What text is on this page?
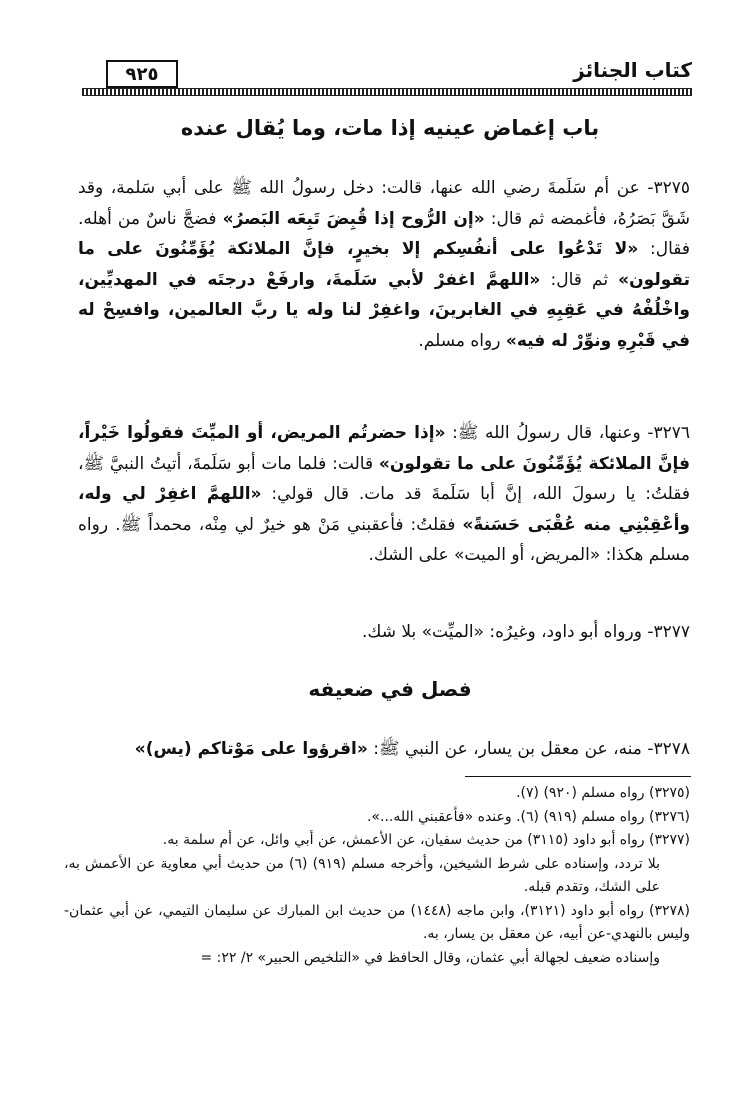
كتاب الجنائز
٩٢٥
باب إغماض عينيه إذا مات، وما يُقال عنده
٣٢٧٥- عن أم سَلَمةَ رضي الله عنها، قالت: دخل رسولُ الله ﷺ على أبي سَلمة، وقد شَقَّ بَصَرُهُ، فأغمضه ثم قال: «إن الرُّوح إذا قُبِضَ تَبِعَه البَصرُ» فضجَّ ناسٌ من أهله. فقال: «لا تَدْعُوا على أنفُسِكم إلا بخيرٍ، فإنَّ الملائكة يُؤَمِّنُونَ على ما تقولون» ثم قال: «اللهمَّ اغفرْ لأبي سَلَمةَ، وارفَعْ درجتَه في المهديِّين، واخْلُفْهُ في عَقِبِهِ في الغابرينَ، واغفِرْ لنا وله يا ربَّ العالمين، وافسِحْ له في قَبْرِهِ ونوِّرْ له فيه» رواه مسلم.
٣٢٧٦- وعنها، قال رسولُ الله ﷺ: «إذا حضرتُم المريض، أو الميِّتَ فقولُوا خَيْراً، فإنَّ الملائكة يُؤَمِّنُونَ على ما تقولون» قالت: فلما مات أبو سَلَمةَ، أتيتُ النبيَّ ﷺ، فقلتُ: يا رسولَ الله، إنَّ أبا سَلَمةَ قد مات. قال قولي: «اللهمَّ اغفِرْ لي وله، وأعْقِبْنِي منه عُقْبَى حَسَنةً» فقلتُ: فأعقبني مَنْ هو خيرٌ لي مِنْه، محمداً ﷺ. رواه مسلم هكذا: «المريض، أو الميت» على الشك.
٣٢٧٧- ورواه أبو داود، وغيرُه: «الميِّت» بلا شك.
فصل في ضعيفه
٣٢٧٨- منه، عن معقل بن يسار، عن النبي ﷺ: «اقرؤوا على مَوْتاكم (يس)»

(٣٢٧٥) رواه مسلم (٩٢٠) (٧).

(٣٢٧٦) رواه مسلم (٩١٩) (٦). وعنده «فأعقبني الله...».

(٣٢٧٧) رواه أبو داود (٣١١٥) من حديث سفيان، عن الأعمش، عن أبي وائل، عن أم سلمة به.
بلا تردد، وإسناده على شرط الشيخين، وأخرجه مسلم (٩١٩) (٦) من حديث أبي معاوية عن الأعمش به، على الشك، وتقدم قبله.

(٣٢٧٨) رواه أبو داود (٣١٢١)، وابن ماجه (١٤٤٨) من حديث ابن المبارك عن سليمان التيمي، عن أبي عثمان-وليس بالنهدي-عن أبيه، عن معقل بن يسار، به.
وإسناده ضعيف لجهالة أبي عثمان، وقال الحافظ في «التلخيص الحبير» ٢/ ٢٢: =
